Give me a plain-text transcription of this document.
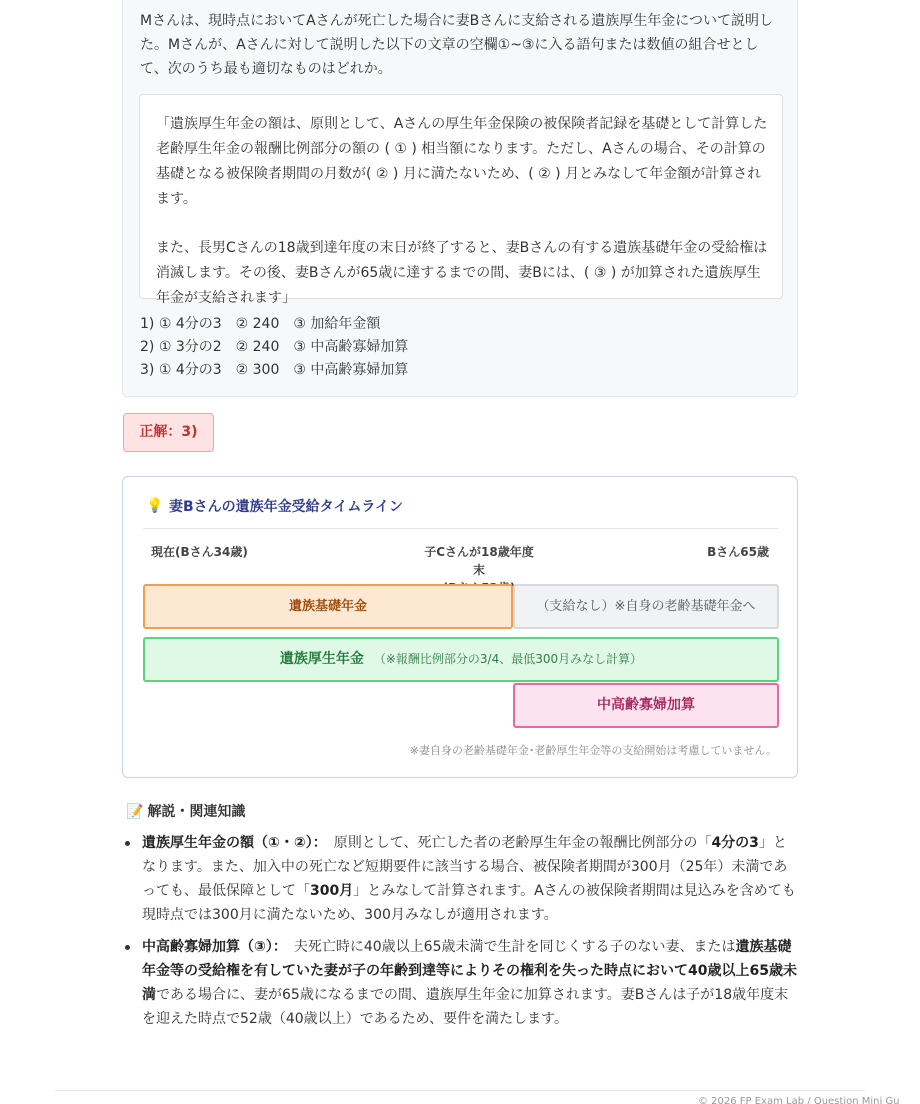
Mさんは、現時点においてAさんが死亡した場合に妻Bさんに支給される遺族厚生年金について説明した。Mさんが、Aさんに対して説明した以下の文章の空欄①~③に入る語句または数値の組合せとして、次のうち最も適切なものはどれか。

「遺族厚生年金の額は、原則として、Aさんの厚生年金保険の被保険者記録を基礎として計算した老齢厚生年金の報酬比例部分の額の ( ① ) 相当額になります。ただし、Aさんの場合、その計算の基礎となる被保険者期間の月数が( ② ) 月に満たないため、( ② ) 月とみなして年金額が計算されます。

また、長男Cさんの18歳到達年度の末日が終了すると、妻Bさんの有する遺族基礎年金の受給権は消滅します。その後、妻Bさんが65歳に達するまでの間、妻Bには、( ③ ) が加算された遺族厚生年金が支給されます」

1) ① 4分の3　② 240　③ 加給年金額
2) ① 3分の2　② 240　③ 中高齢寡婦加算
3) ① 4分の3　② 300　③ 中高齢寡婦加算
正解：3)
💡 妻Bさんの遺族年金受給タイムライン
現在(Bさん34歳)	子Cさんが18歳年度末
Bさん65歳
遺族基礎年金	（支給なし）※自身の老齢基礎年金へ
遺族厚生年金 （※報酬比例部分の3/4、最低300月みなし計算）
中高齢寡婦加算
※妻自身の老齢基礎年金･老齢厚生年金等の支給開始は考慮していません。
📝 解説・関連知識
遺族厚生年金の額（①・②）：　 原則として、死亡した者の老齢厚生年金の報酬比例部分の「4分の3」となります。また、加入中の死亡など短期要件に該当する場合、被保険者期間が300月（25年）未満であっても、最低保障として「300月」とみなして計算されます。Aさんの被保険者期間は見込みを含めても現時点では300月に満たないため、300月みなしが適用されます。
中高齢寡婦加算（③）：　 夫死亡時に40歳以上65歳未満で生計を同じくする子のない妻、または遺族基礎年金等の受給権を有していた妻が子の年齢到達等によりその権利を失った時点において40歳以上65歳未満である場合に、妻が65歳になるまでの間、遺族厚生年金に加算されます。妻Bさんは子が18歳年度末を迎えた時点で52歳（40歳以上）であるため、要件を満たします。
© 2026 FP Exam Lab / Question Mini Gu
